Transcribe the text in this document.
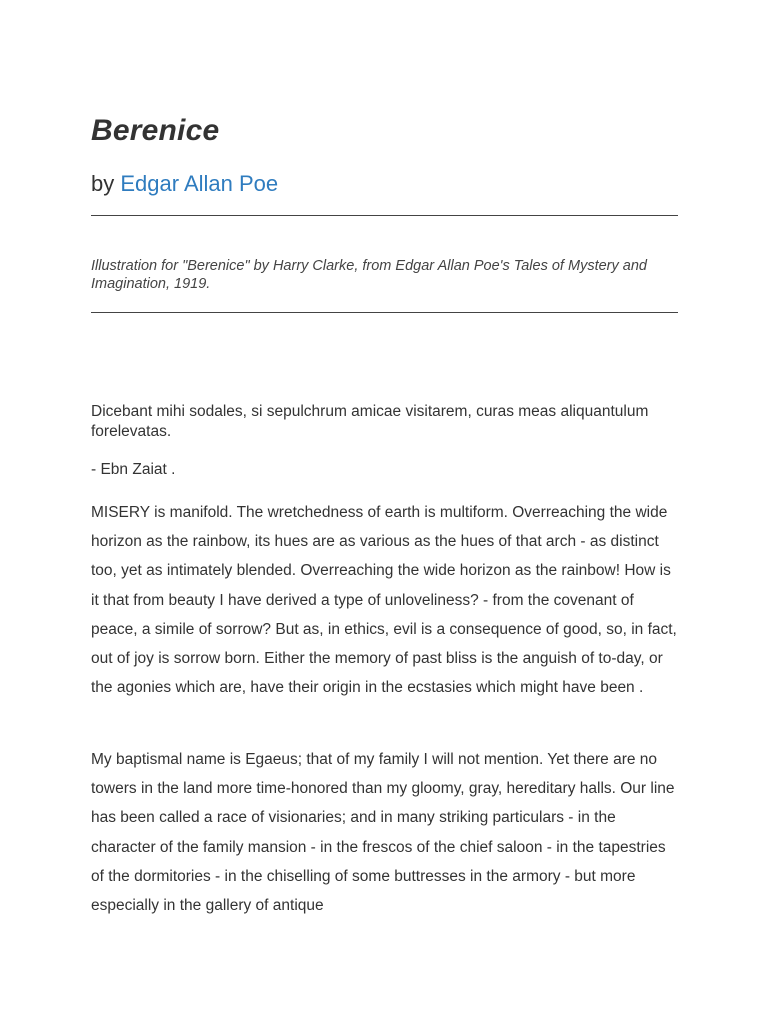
Berenice
by Edgar Allan Poe

Illustration for "Berenice" by Harry Clarke, from Edgar Allan Poe's Tales of Mystery and Imagination, 1919.

Dicebant mihi sodales, si sepulchrum amicae visitarem, curas meas aliquantulum forelevatas.

- Ebn Zaiat .

MISERY is manifold. The wretchedness of earth is multiform. Overreaching the wide horizon as the rainbow, its hues are as various as the hues of that arch - as distinct too, yet as intimately blended. Overreaching the wide horizon as the rainbow! How is it that from beauty I have derived a type of unloveliness? - from the covenant of peace, a simile of sorrow? But as, in ethics, evil is a consequence of good, so, in fact, out of joy is sorrow born. Either the memory of past bliss is the anguish of to-day, or the agonies which are, have their origin in the ecstasies which might have been .

My baptismal name is Egaeus; that of my family I will not mention. Yet there are no towers in the land more time-honored than my gloomy, gray, hereditary halls. Our line has been called a race of visionaries; and in many striking particulars - in the character of the family mansion - in the frescos of the chief saloon - in the tapestries of the dormitories - in the chiselling of some buttresses in the armory - but more especially in the gallery of antique
